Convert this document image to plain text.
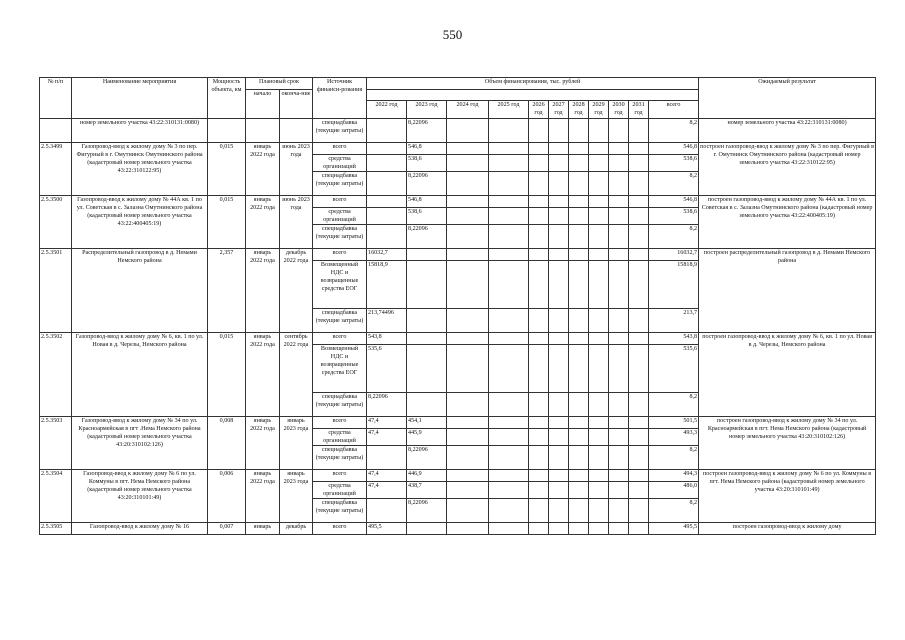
550
№ п/п	Наименование мероприятия	Мощность объекта, км	Плановый срок		Источник финанси-рования	Объем финансирования, тыс. рублей											Ожидаемый результат
			начало	оконча-ние													
						2022 год	2023 год	2024 год	2025 год	2026 год	2027 год	2028 год	2029 год	2030 год	2031 год	всего	
	номер земельного участка 43:22:310131:0080)				спецнадбавка (текущие затраты)		8,22096									8,2	номер земельного участка 43:22:310131:0080)
2.5.3499	Газопровод-ввод к жилому дому № 3 по пер. Фигурный в г. Омутнинск Омутнинского района (кадастровый номер земельного участка 43:22:310122:95)	0,015	январь 2022 года	июнь 2023 года	всего		546,8									546,8	построен газопровод-ввод к жилому дому № 3 по пер. Фигурный в г. Омутнинск Омутнинского района (кадастровый номер земельного участка 43:22:310122:95)
					средства организаций		538,6									538,6	
					спецнадбавка (текущие затраты)		8,22096									8,2	
2.5.3500	Газопровод-ввод к жилому дому № 44А кв. 1 по ул. Советская в с. Залазна Омутнинского района (кадастровый номер земельного участка 43:22:400405:19)	0,015	январь 2022 года	июнь 2023 года	всего		546,8									546,8	построен газопровод-ввод к жилому дому № 44А кв. 1 по ул. Советская в с. Залазна Омутнинского района (кадастровый номер земельного участка 43:22:400405:19)
					средства организаций		538,6									538,6	
					спецнадбавка (текущие затраты)		8,22096									8,2	
2.5.3501	Распределительный газопровод в д. Немами Немского района	2,357	январь 2022 года	декабрь 2022 года	всего	16032,7										16032,7	построен распределительный газопровод в д. Немами Немского района
					Возмещенный НДС и возвращенные средства ЕОГ	15818,9										15818,9	
					спецнадбавка (текущие затраты)	213,74496										213,7	
2.5.3502	Газопровод-ввод к жилому дому № 6, кв. 1 по ул. Новая в д. Черезы, Немского района	0,015	январь 2022 года	сентябрь 2022 года	всего	543,8										543,8	построен газопровод-ввод к жилому дому № 6, кв. 1 по ул. Новая в д. Черезы, Немского района
					Возмещенный НДС и возвращенные средства ЕОГ	535,6										535,6	
					спецнадбавка (текущие затраты)	8,22096										8,2	
2.5.3503	Газопровод-ввод к жилому дому № 34 по ул. Красноармейская в пгт .Нема Немского района (кадастровый номер земельного участка 43:20:310102:126)	0,008	январь 2022 года	январь 2023 года	всего	47,4	454,1									501,5	построен газопровод-ввод к жилому дому № 34 по ул. Красноармейская в пгт. Нема Немского района (кадастровый номер земельного участка 43:20:310102:126)
					средства организаций	47,4	445,9									493,3	
					спецнадбавка (текущие затраты)		8,22096									8,2	
2.5.3504	Газопровод-ввод к жилому дому № 6 по ул. Коммуны в пгт. Нема Немского района (кадастровый номер земельного участка 43:20:310101:49)	0,006	январь 2022 года	январь 2023 года	всего	47,4	446,9									494,3	построен газопровод-ввод к жилому дому № 6 по ул. Коммуны в пгт. Нема Немского района (кадастровый номер земельного участка 43:20:310101:49)
					средства организаций	47,4	438,7									486,0	
					спецнадбавка (текущие затраты)		8,22096									8,2	
2.5.3505	Газопровод-ввод к жилому дому № 16	0,007	январь	декабрь	всего	495,5										495,5	построен газопровод-ввод к жилому дому
